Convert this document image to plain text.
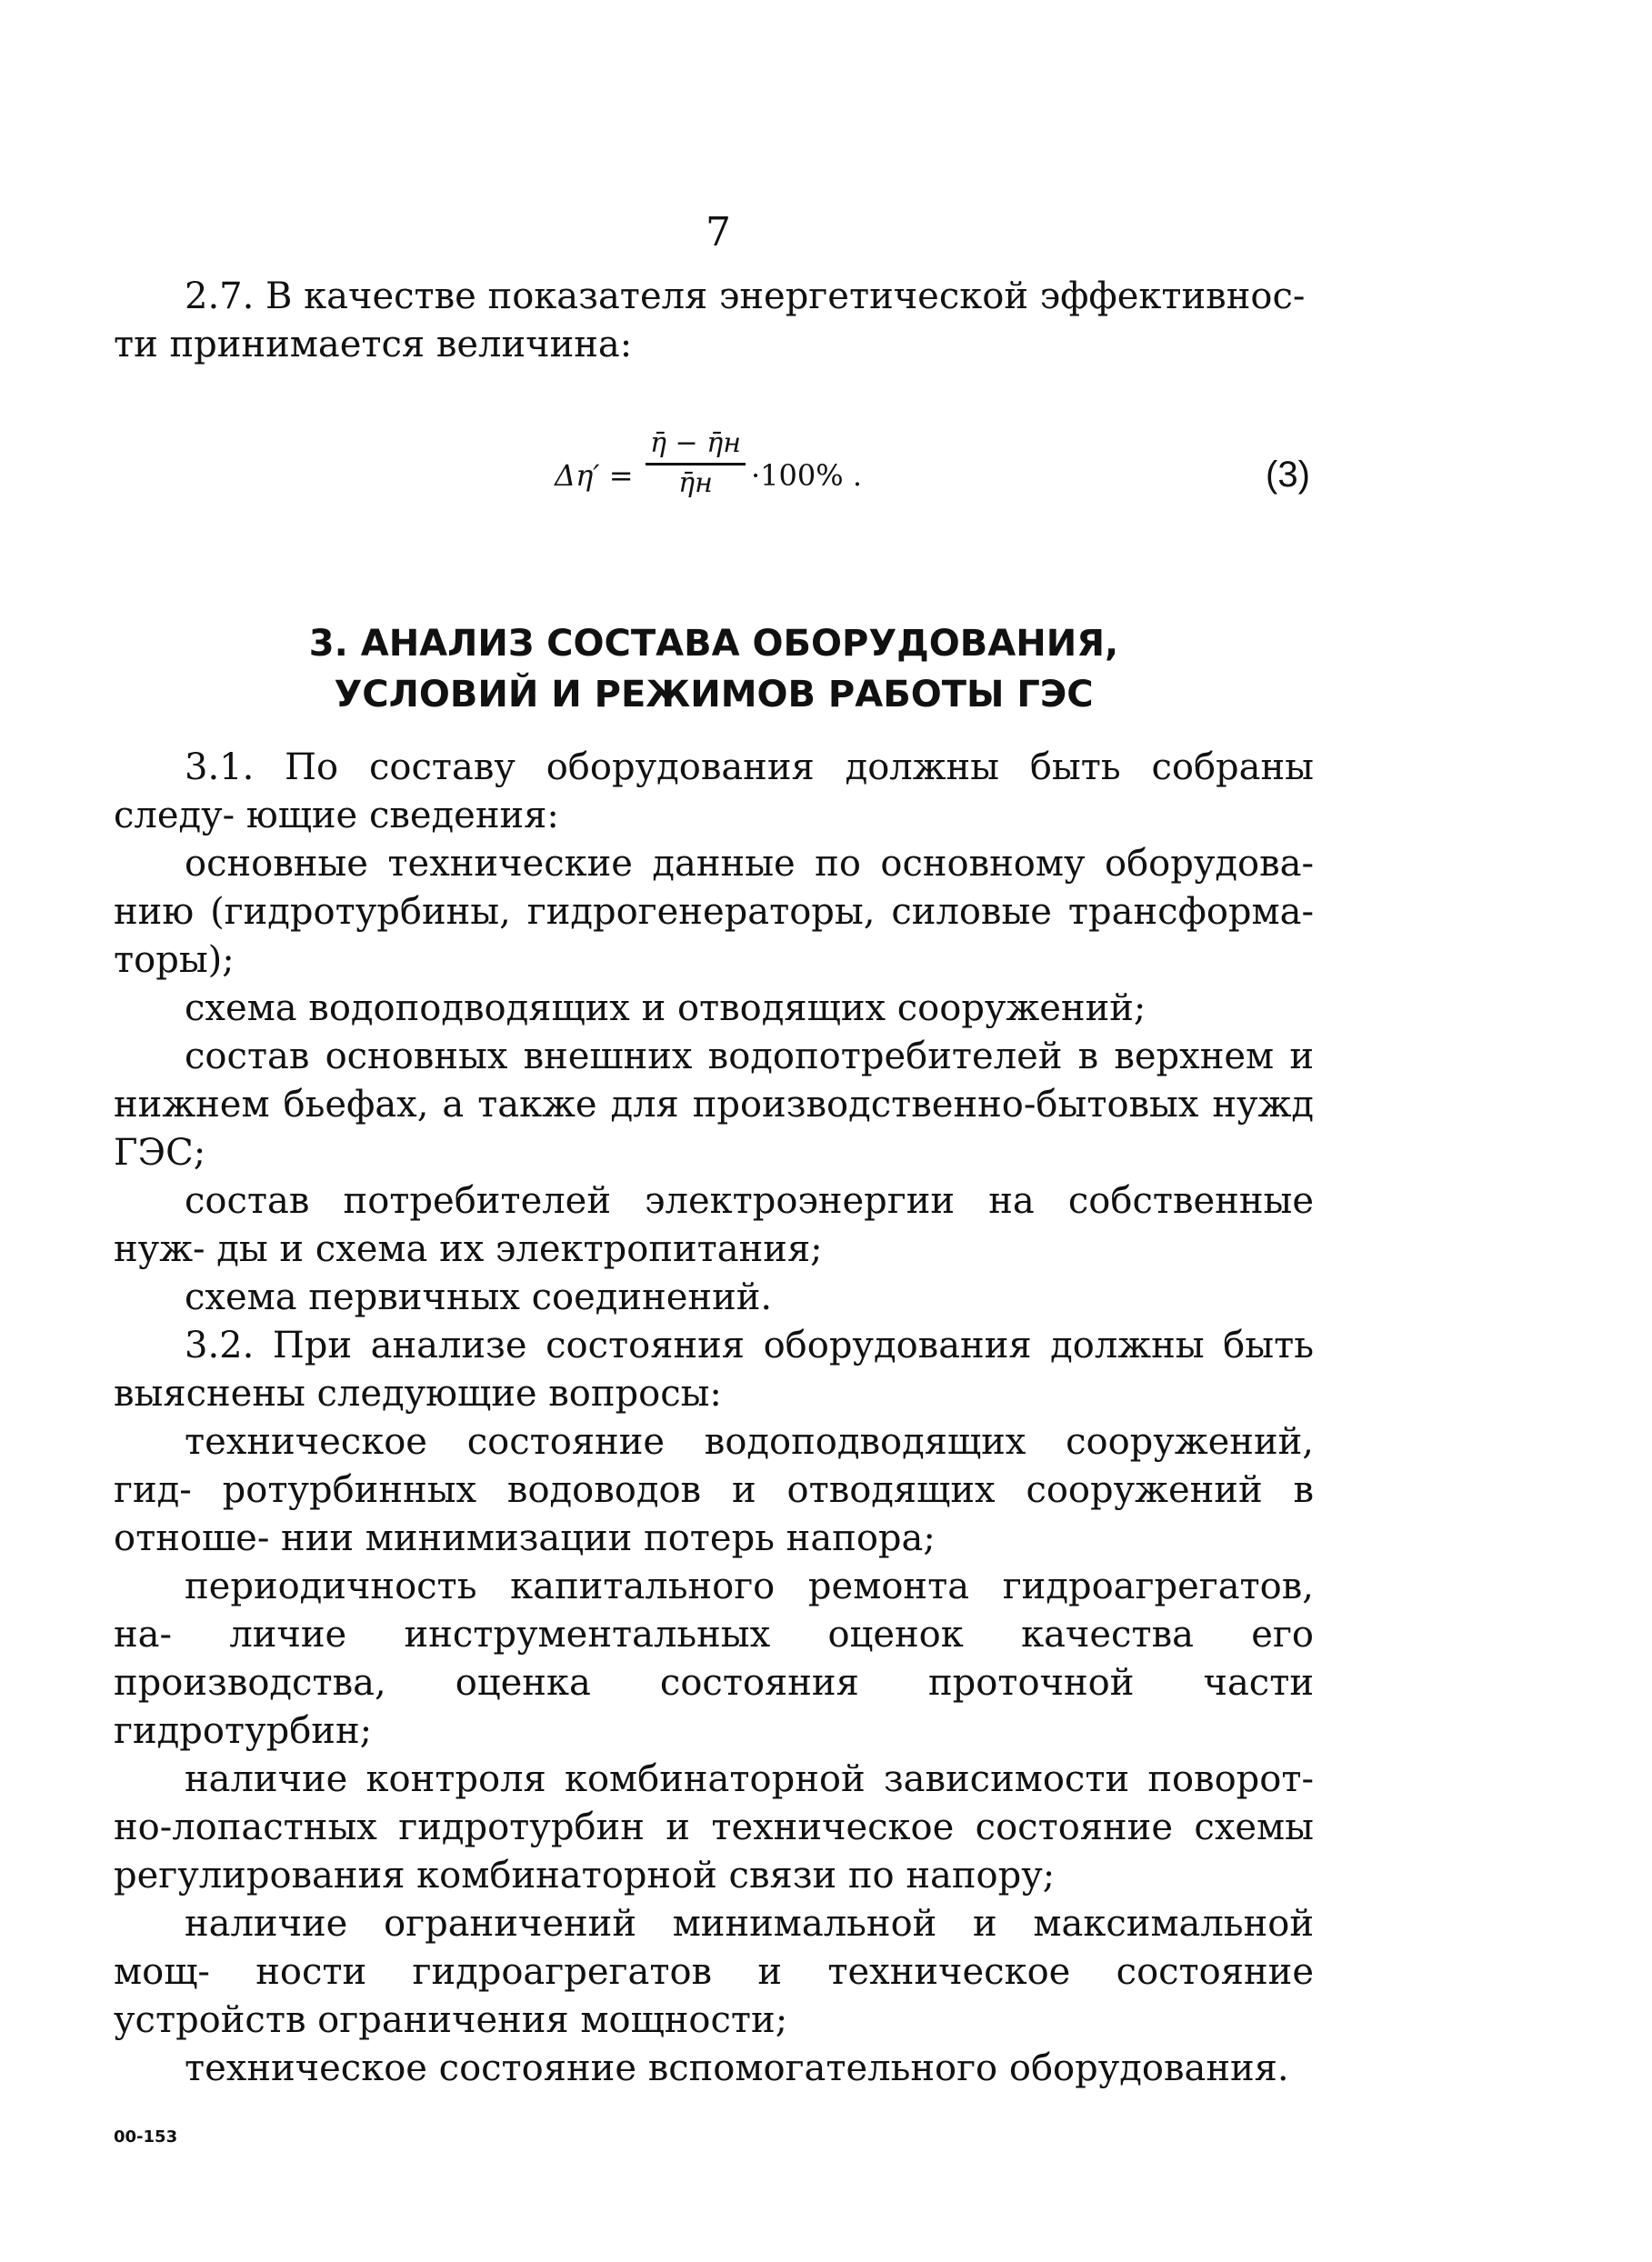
7
2.7. В качестве показателя энергетической эффективнос-
ти принимается величина:
Δη′ =
η̄ − η̄н
η̄н	·100% .	(3)
3. АНАЛИЗ СОСТАВА ОБОРУДОВАНИЯ,
УСЛОВИЙ И РЕЖИМОВ РАБОТЫ ГЭС

3.1. По составу оборудования должны быть собраны следу- ющие сведения:

основные технические данные по основному оборудова- нию (гидротурбины, гидрогенераторы, силовые трансформа- торы);

схема водоподводящих и отводящих сооружений;

состав основных внешних водопотребителей в верхнем и нижнем бьефах, а также для производственно-бытовых нужд ГЭС;

состав потребителей электроэнергии на собственные нуж- ды и схема их электропитания;

схема первичных соединений.

3.2. При анализе состояния оборудования должны быть выяснены следующие вопросы:

техническое состояние водоподводящих сооружений, гид- ротурбинных водоводов и отводящих сооружений в отноше- нии минимизации потерь напора;

периодичность капитального ремонта гидроагрегатов, на- личие инструментальных оценок качества его производства, оценка состояния проточной части гидротурбин;

наличие контроля комбинаторной зависимости поворот- но-лопастных гидротурбин и техническое состояние схемы регулирования комбинаторной связи по напору;

наличие ограничений минимальной и максимальной мощ- ности гидроагрегатов и техническое состояние устройств ограничения мощности;

техническое состояние вспомогательного оборудования.

00-153
